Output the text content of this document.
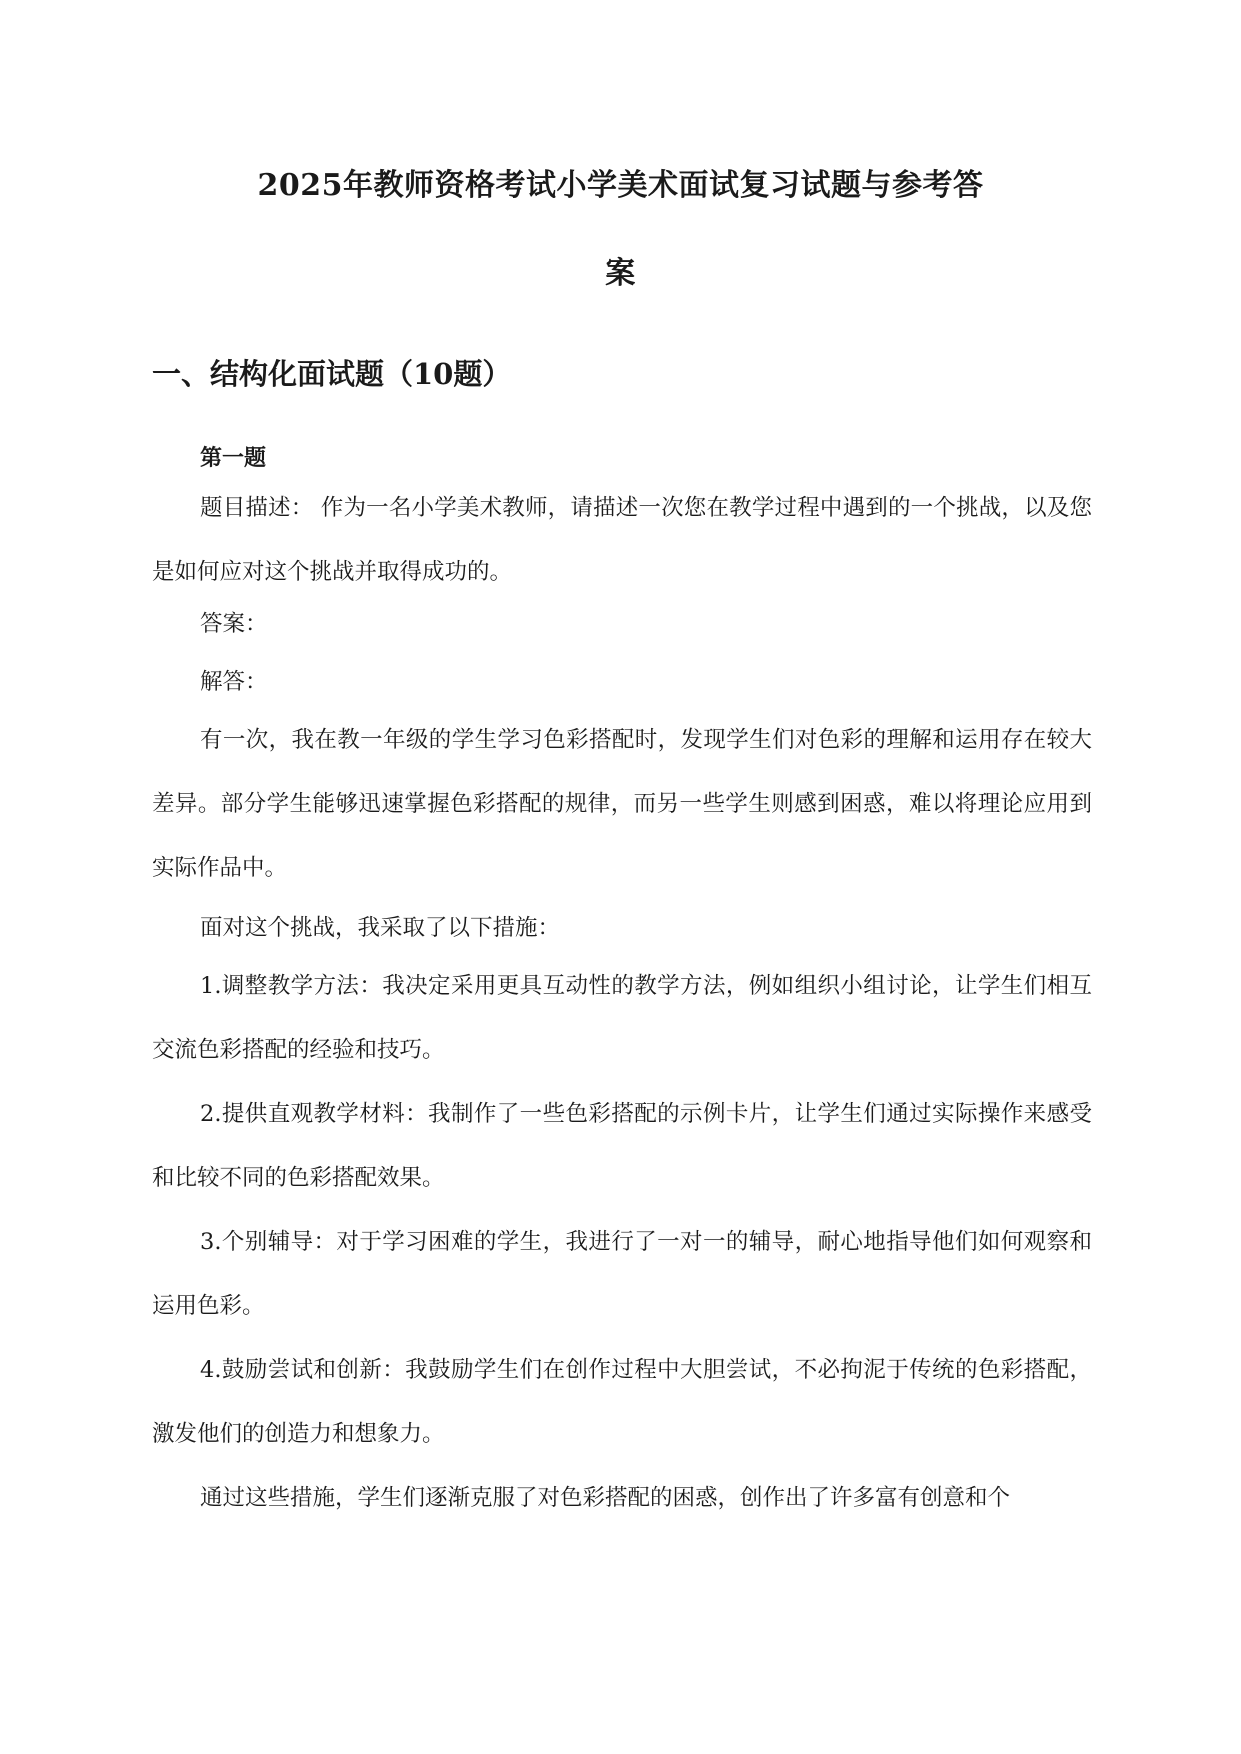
2025年教师资格考试小学美术面试复习试题与参考答
案
一、结构化面试题（10题）
第一题
题目描述： 作为一名小学美术教师，请描述一次您在教学过程中遇到的一个挑战，以及您是如何应对这个挑战并取得成功的。
答案：
解答：
有一次，我在教一年级的学生学习色彩搭配时，发现学生们对色彩的理解和运用存在较大差异。部分学生能够迅速掌握色彩搭配的规律，而另一些学生则感到困惑，难以将理论应用到实际作品中。
面对这个挑战，我采取了以下措施：
1.调整教学方法：我决定采用更具互动性的教学方法，例如组织小组讨论，让学生们相互交流色彩搭配的经验和技巧。
2.提供直观教学材料：我制作了一些色彩搭配的示例卡片，让学生们通过实际操作来感受和比较不同的色彩搭配效果。
3.个别辅导：对于学习困难的学生，我进行了一对一的辅导，耐心地指导他们如何观察和运用色彩。
4.鼓励尝试和创新：我鼓励学生们在创作过程中大胆尝试，不必拘泥于传统的色彩搭配，激发他们的创造力和想象力。
通过这些措施，学生们逐渐克服了对色彩搭配的困惑，创作出了许多富有创意和个
